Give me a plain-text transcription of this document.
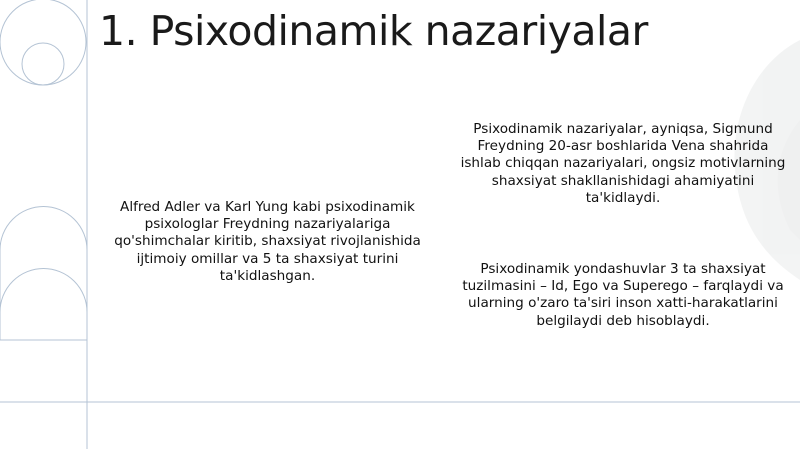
1. Psixodinamik nazariyalar
Psixodinamik nazariyalar, ayniqsa, Sigmund Freydning 20-asr boshlarida Vena shahrida ishlab chiqqan nazariyalari, ongsiz motivlarning shaxsiyat shakllanishidagi ahamiyatini ta'kidlaydi.
Psixodinamik yondashuvlar 3 ta shaxsiyat tuzilmasini – Id, Ego va Superego – farqlaydi va ularning o'zaro ta'siri inson xatti-harakatlarini belgilaydi deb hisoblaydi.
Alfred Adler va Karl Yung kabi psixodinamik psixologlar Freydning nazariyalariga qo'shimchalar kiritib, shaxsiyat rivojlanishida ijtimoiy omillar va 5 ta shaxsiyat turini ta'kidlashgan.
